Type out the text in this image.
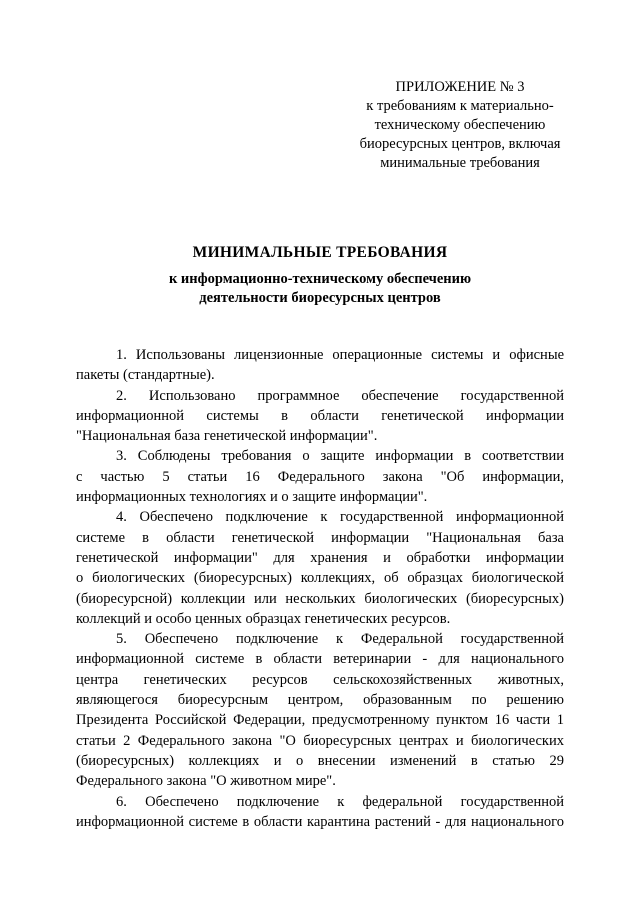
ПРИЛОЖЕНИЕ № 3
к требованиям к материально-
техническому обеспечению
биоресурсных центров, включая
минимальные требования
МИНИМАЛЬНЫЕ ТРЕБОВАНИЯ
к информационно-техническому обеспечению
деятельности биоресурсных центров
1. Использованы лицензионные операционные системы и офисные
пакеты (стандартные).
2. Использовано программное обеспечение государственной
информационной системы в области генетической информации
"Национальная база генетической информации".
3. Соблюдены требования о защите информации в соответствии
с частью 5 статьи 16 Федерального закона "Об информации,
информационных технологиях и о защите информации".
4. Обеспечено подключение к государственной информационной
системе в области генетической информации "Национальная база
генетической информации" для хранения и обработки информации
о биологических (биоресурсных) коллекциях, об образцах биологической
(биоресурсной) коллекции или нескольких биологических (биоресурсных)
коллекций и особо ценных образцах генетических ресурсов.
5. Обеспечено подключение к Федеральной государственной
информационной системе в области ветеринарии - для национального
центра генетических ресурсов сельскохозяйственных животных,
являющегося биоресурсным центром, образованным по решению
Президента Российской Федерации, предусмотренному пунктом 16 части 1
статьи 2 Федерального закона "О биоресурсных центрах и биологических
(биоресурсных) коллекциях и о внесении изменений в статью 29
Федерального закона "О животном мире".
6. Обеспечено подключение к федеральной государственной
информационной системе в области карантина растений - для национального
